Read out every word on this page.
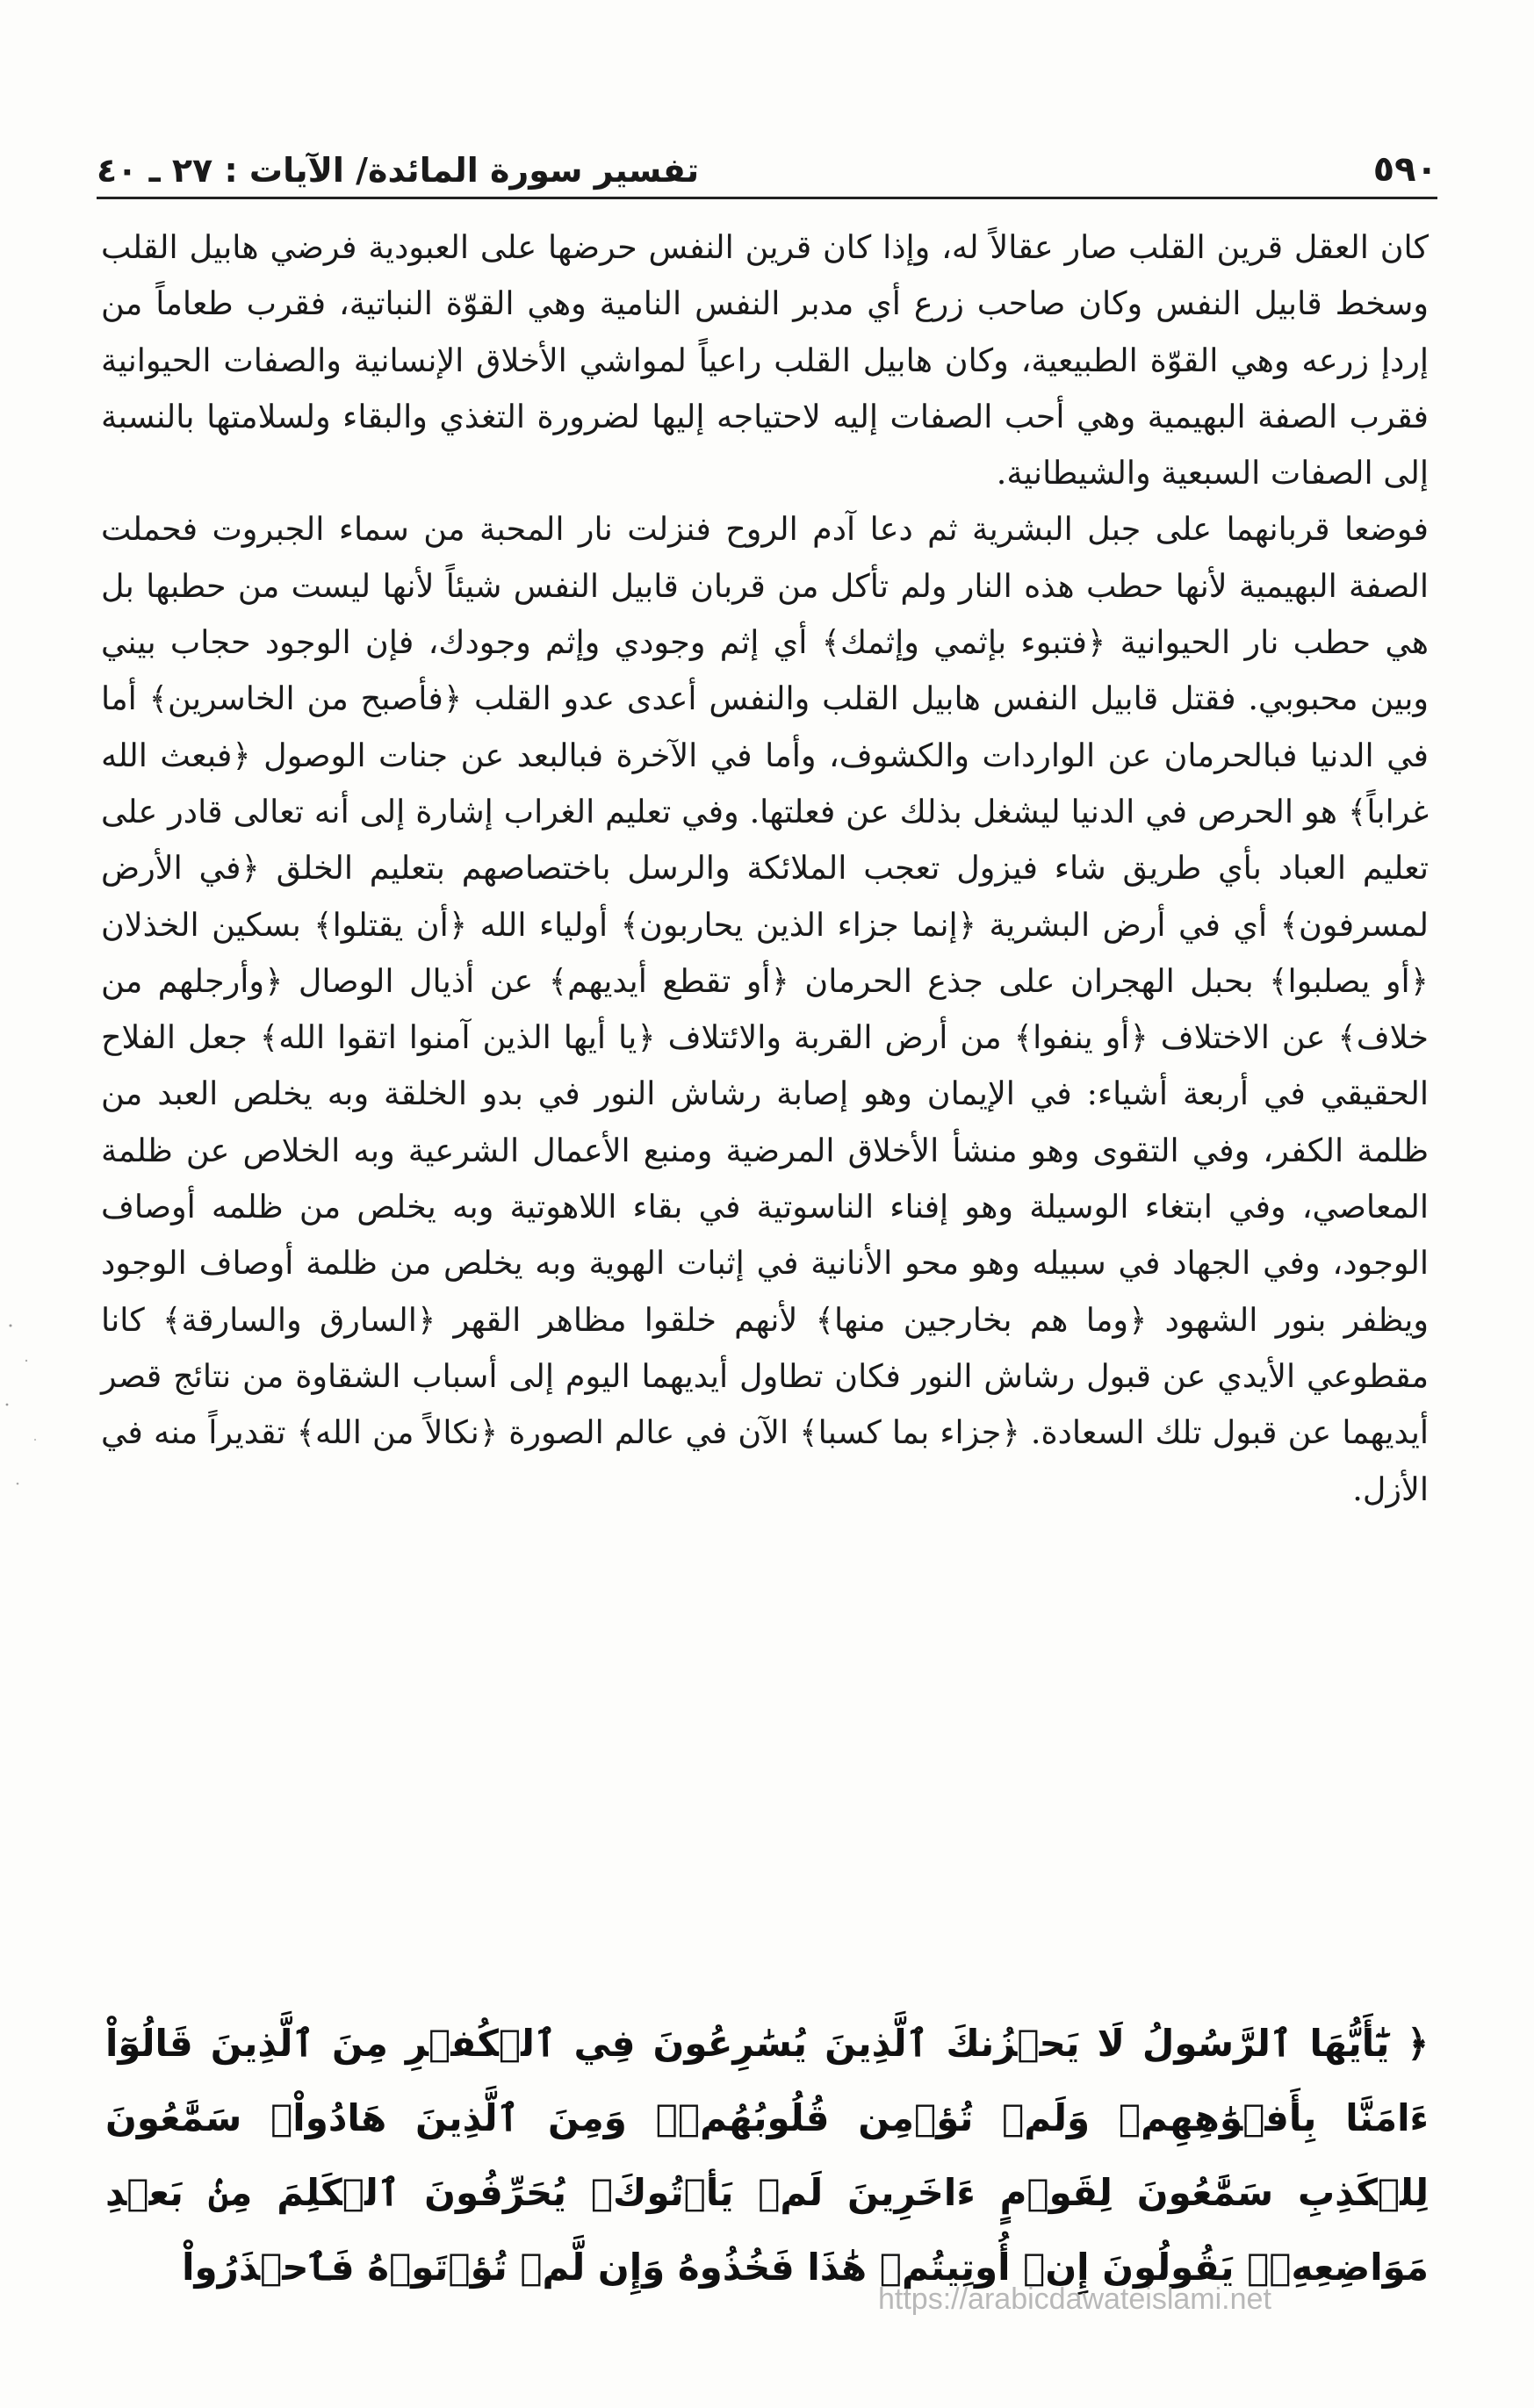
٥٩٠
تفسير سورة المائدة/ الآيات : ٢٧ ـ ٤٠

كان العقل قرين القلب صار عقالاً له، وإذا كان قرين النفس حرضها على العبودية فرضي هابيل القلب وسخط قابيل النفس وكان صاحب زرع أي مدبر النفس النامية وهي القوّة النباتية، فقرب طعاماً من إردإ زرعه وهي القوّة الطبيعية، وكان هابيل القلب راعياً لمواشي الأخلاق الإنسانية والصفات الحيوانية فقرب الصفة البهيمية وهي أحب الصفات إليه لاحتياجه إليها لضرورة التغذي والبقاء ولسلامتها بالنسبة إلى الصفات السبعية والشيطانية.

فوضعا قربانهما على جبل البشرية ثم دعا آدم الروح فنزلت نار المحبة من سماء الجبروت فحملت الصفة البهيمية لأنها حطب هذه النار ولم تأكل من قربان قابيل النفس شيئاً لأنها ليست من حطبها بل هي حطب نار الحيوانية ﴿فتبوء بإثمي وإثمك﴾ أي إثم وجودي وإثم وجودك، فإن الوجود حجاب بيني وبين محبوبي. فقتل قابيل النفس هابيل القلب والنفس أعدى عدو القلب ﴿فأصبح من الخاسرين﴾ أما في الدنيا فبالحرمان عن الواردات والكشوف، وأما في الآخرة فبالبعد عن جنات الوصول ﴿فبعث الله غراباً﴾ هو الحرص في الدنيا ليشغل بذلك عن فعلتها. وفي تعليم الغراب إشارة إلى أنه تعالى قادر على تعليم العباد بأي طريق شاء فيزول تعجب الملائكة والرسل باختصاصهم بتعليم الخلق ﴿في الأرض لمسرفون﴾ أي في أرض البشرية ﴿إنما جزاء الذين يحاربون﴾ أولياء الله ﴿أن يقتلوا﴾ بسكين الخذلان ﴿أو يصلبوا﴾ بحبل الهجران على جذع الحرمان ﴿أو تقطع أيديهم﴾ عن أذيال الوصال ﴿وأرجلهم من خلاف﴾ عن الاختلاف ﴿أو ينفوا﴾ من أرض القربة والائتلاف ﴿يا أيها الذين آمنوا اتقوا الله﴾ جعل الفلاح الحقيقي في أربعة أشياء: في الإيمان وهو إصابة رشاش النور في بدو الخلقة وبه يخلص العبد من ظلمة الكفر، وفي التقوى وهو منشأ الأخلاق المرضية ومنبع الأعمال الشرعية وبه الخلاص عن ظلمة المعاصي، وفي ابتغاء الوسيلة وهو إفناء الناسوتية في بقاء اللاهوتية وبه يخلص من ظلمه أوصاف الوجود، وفي الجهاد في سبيله وهو محو الأنانية في إثبات الهوية وبه يخلص من ظلمة أوصاف الوجود ويظفر بنور الشهود ﴿وما هم بخارجين منها﴾ لأنهم خلقوا مظاهر القهر ﴿السارق والسارقة﴾ كانا مقطوعي الأيدي عن قبول رشاش النور فكان تطاول أيديهما اليوم إلى أسباب الشقاوة من نتائج قصر أيديهما عن قبول تلك السعادة. ﴿جزاء بما كسبا﴾ الآن في عالم الصورة ﴿نكالاً من الله﴾ تقديراً منه في الأزل.

﴿ يَٰٓأَيُّهَا ٱلرَّسُولُ لَا يَحۡزُنكَ ٱلَّذِينَ يُسَٰرِعُونَ فِي ٱلۡكُفۡرِ مِنَ ٱلَّذِينَ قَالُوٓاْ ءَامَنَّا بِأَفۡوَٰهِهِمۡ وَلَمۡ تُؤۡمِن قُلُوبُهُمۡۛ وَمِنَ ٱلَّذِينَ هَادُواْۛ سَمَّٰعُونَ لِلۡكَذِبِ سَمَّٰعُونَ لِقَوۡمٍ ءَاخَرِينَ لَمۡ يَأۡتُوكَۖ يُحَرِّفُونَ ٱلۡكَلِمَ مِنۢ بَعۡدِ مَوَاضِعِهِۦۖ يَقُولُونَ إِنۡ أُوتِيتُمۡ هَٰذَا فَخُذُوهُ وَإِن لَّمۡ تُؤۡتَوۡهُ فَٱحۡذَرُواْ

https://arabicdawateislami.net
